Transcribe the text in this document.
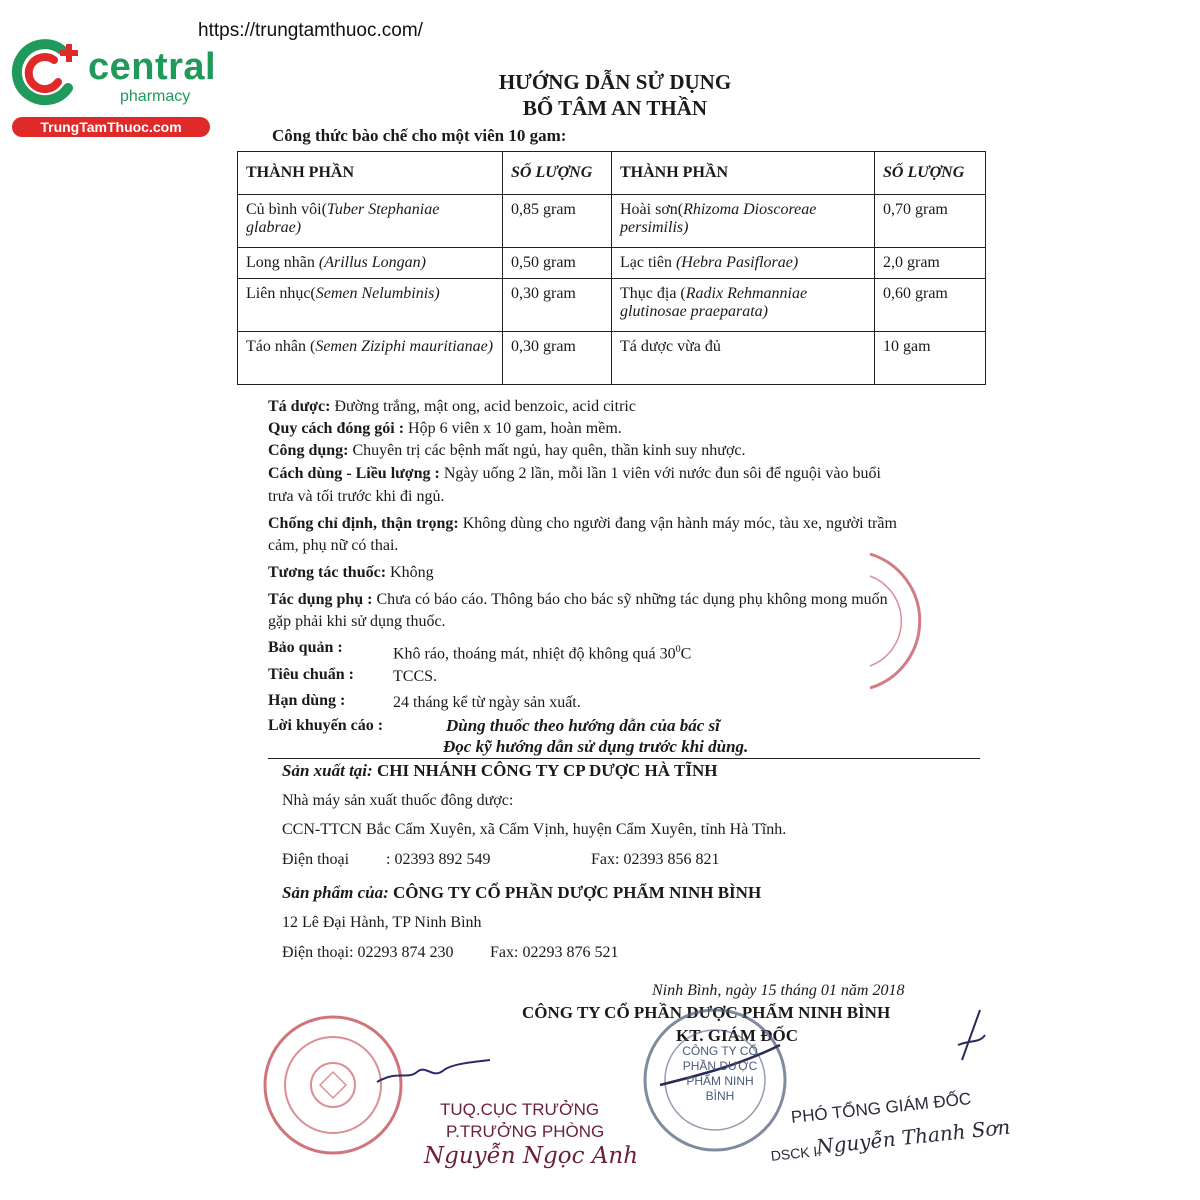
https://trungtamthuoc.com/
central
pharmacy
TrungTamThuoc.com
HƯỚNG DẪN SỬ DỤNG
BỔ TÂM AN THẦN
Công thức bào chế cho một viên 10 gam:
THÀNH PHẦN	SỐ LƯỢNG	THÀNH PHẦN	SỐ LƯỢNG
Củ bình vôi(Tuber Stephaniae glabrae)	0,85 gram	Hoài sơn(Rhizoma Dioscoreae persimilis)	0,70 gram
Long nhãn (Arillus Longan)	0,50 gram	Lạc tiên (Hebra Pasiflorae)	2,0 gram
Liên nhục(Semen Nelumbinis)	0,30 gram	Thục địa (Radix Rehmanniae glutinosae praeparata)	0,60 gram
Táo nhân (Semen Ziziphi mauritianae)	0,30 gram	Tá dược vừa đủ	10 gam
Tá dược: Đường trắng, mật ong, acid benzoic, acid citric
Quy cách đóng gói : Hộp 6 viên x 10 gam, hoàn mềm.
Công dụng: Chuyên trị các bệnh mất ngủ, hay quên, thần kinh suy nhược.
Cách dùng - Liều lượng : Ngày uống 2 lần, mỗi lần 1 viên với nước đun sôi để nguội vào buổi
trưa và tối trước khi đi ngủ.
Chống chỉ định, thận trọng: Không dùng cho người đang vận hành máy móc, tàu xe, người trầm
cảm, phụ nữ có thai.
Tương tác thuốc: Không
Tác dụng phụ : Chưa có báo cáo. Thông báo cho bác sỹ những tác dụng phụ không mong muốn
gặp phải khi sử dụng thuốc.
Bảo quản :	Khô ráo, thoáng mát, nhiệt độ không quá $30^0C$
Tiêu chuẩn : TCCS.
Hạn dùng :	24 tháng kể từ ngày sản xuất.
Lời khuyến cáo :	Dùng thuốc theo hướng dẫn của bác sĩ
Đọc kỹ hướng dẫn sử dụng trước khi dùng.
Sản xuất tại: CHI NHÁNH CÔNG TY CP DƯỢC HÀ TĨNH
Nhà máy sản xuất thuốc đông dược:
CCN-TTCN Bắc Cẩm Xuyên, xã Cẩm Vịnh, huyện Cẩm Xuyên, tỉnh Hà Tĩnh.
Điện thoại : 02393 892 549	Fax: 02393 856 821
Sản phẩm của: CÔNG TY CỔ PHẦN DƯỢC PHẨM NINH BÌNH
12 Lê Đại Hành, TP Ninh Bình
Điện thoại: 02293 874 230 Fax: 02293 876 521
Ninh Bình, ngày 15 tháng 01 năm 2018
CÔNG TY CỔ PHẦN DƯỢC PHẨM NINH BÌNH
KT. GIÁM ĐỐC
TUQ.CỤC TRƯỞNG
P.TRƯỞNG PHÒNG
Nguyễn Ngọc Anh
CÔNG TY CỔ PHẦN DƯỢC PHẨM NINH BÌNH	PHÓ TỔNG GIÁM ĐỐC
DSCK I.
Nguyễn Thanh Sơn
